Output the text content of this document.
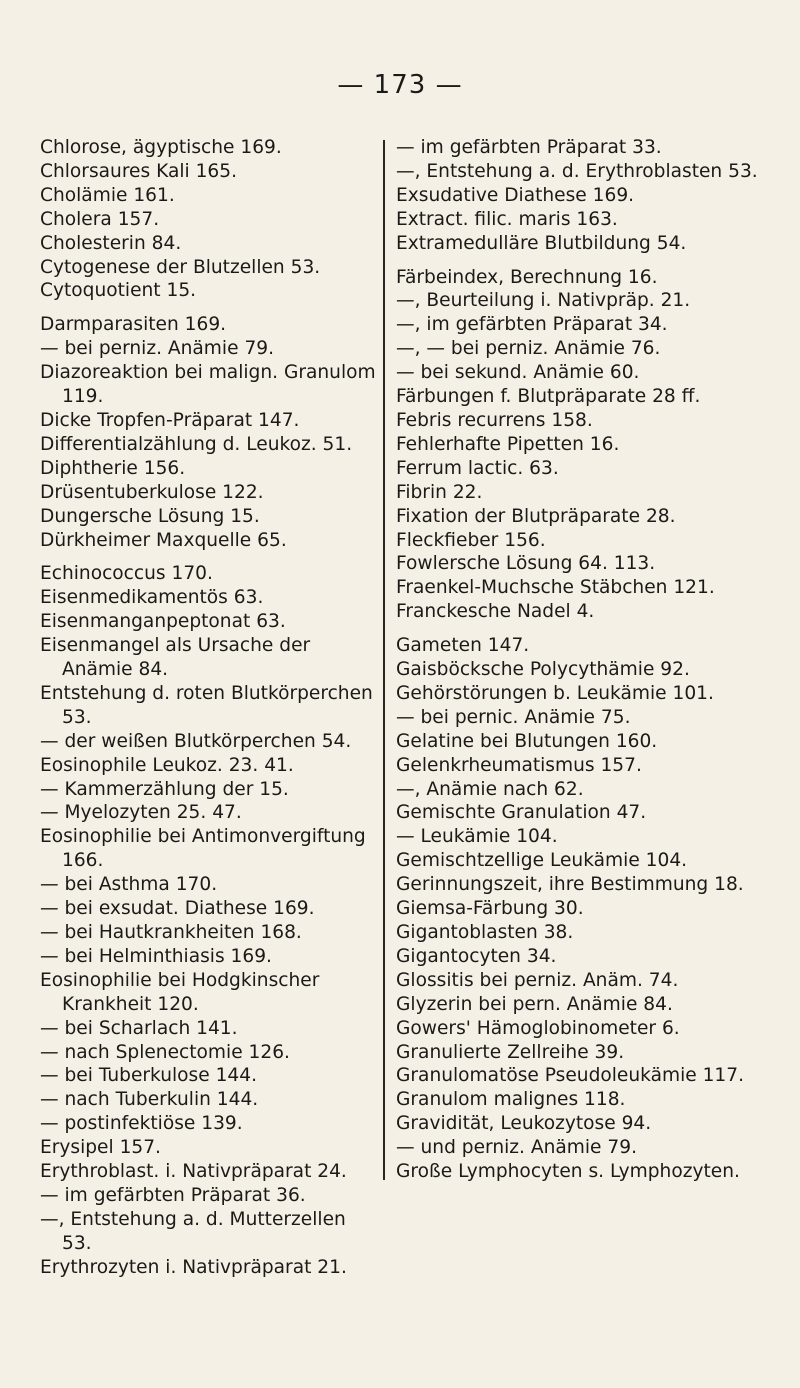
— 173 —
Chlorose, ägyptische 169.
Chlorsaures Kali 165.
Cholämie 161.
Cholera 157.
Cholesterin 84.
Cytogenese der Blutzellen 53.
Cytoquotient 15.
Darmparasiten 169.
— bei perniz. Anämie 79.
Diazoreaktion bei malign. Granulom 119.
Dicke Tropfen-Präparat 147.
Differentialzählung d. Leukoz. 51.
Diphtherie 156.
Drüsentuberkulose 122.
Dungersche Lösung 15.
Dürkheimer Maxquelle 65.
Echinococcus 170.
Eisenmedikamentös 63.
Eisenmanganpeptonat 63.
Eisenmangel als Ursache der Anämie 84.
Entstehung d. roten Blutkörperchen 53.
— der weißen Blutkörperchen 54.
Eosinophile Leukoz. 23. 41.
— Kammerzählung der 15.
— Myelozyten 25. 47.
Eosinophilie bei Antimonvergiftung 166.
— bei Asthma 170.
— bei exsudat. Diathese 169.
— bei Hautkrankheiten 168.
— bei Helminthiasis 169.
Eosinophilie bei Hodgkinscher Krankheit 120.
— bei Scharlach 141.
— nach Splenectomie 126.
— bei Tuberkulose 144.
— nach Tuberkulin 144.
— postinfektiöse 139.
Erysipel 157.
Erythroblast. i. Nativpräparat 24.
— im gefärbten Präparat 36.
—, Entstehung a. d. Mutterzellen 53.
Erythrozyten i. Nativpräparat 21.
— im gefärbten Präparat 33.
—, Entstehung a. d. Erythroblasten 53.
Exsudative Diathese 169.
Extract. filic. maris 163.
Extramedulläre Blutbildung 54.
Färbeindex, Berechnung 16.
—, Beurteilung i. Nativpräp. 21.
—, im gefärbten Präparat 34.
—, — bei perniz. Anämie 76.
— bei sekund. Anämie 60.
Färbungen f. Blutpräparate 28 ff.
Febris recurrens 158.
Fehlerhafte Pipetten 16.
Ferrum lactic. 63.
Fibrin 22.
Fixation der Blutpräparate 28.
Fleckfieber 156.
Fowlersche Lösung 64. 113.
Fraenkel-Muchsche Stäbchen 121.
Franckesche Nadel 4.
Gameten 147.
Gaisböcksche Polycythämie 92.
Gehörstörungen b. Leukämie 101.
— bei pernic. Anämie 75.
Gelatine bei Blutungen 160.
Gelenkrheumatismus 157.
—, Anämie nach 62.
Gemischte Granulation 47.
— Leukämie 104.
Gemischtzellige Leukämie 104.
Gerinnungszeit, ihre Bestimmung 18.
Giemsa-Färbung 30.
Gigantoblasten 38.
Gigantocyten 34.
Glossitis bei perniz. Anäm. 74.
Glyzerin bei pern. Anämie 84.
Gowers' Hämoglobinometer 6.
Granulierte Zellreihe 39.
Granulomatöse Pseudoleukämie 117.
Granulom malignes 118.
Gravidität, Leukozytose 94.
— und perniz. Anämie 79.
Große Lymphocyten s. Lymphozyten.
